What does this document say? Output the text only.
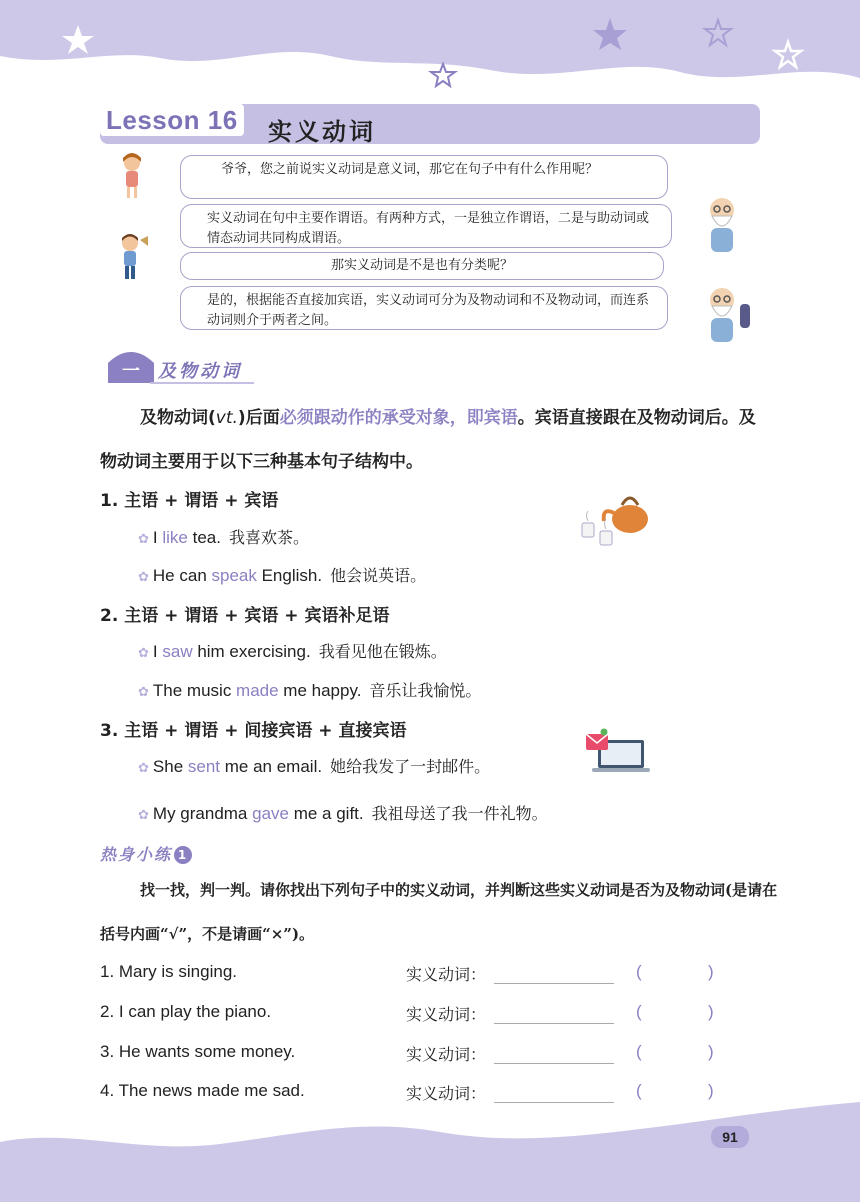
Lesson 16 实义动词
爷爷，您之前说实义动词是意义词，那它在句子中有什么作用呢？
实义动词在句中主要作谓语。有两种方式，一是独立作谓语，二是与助动词或情态动词共同构成谓语。
那实义动词是不是也有分类呢？
是的，根据能否直接加宾语，实义动词可分为及物动词和不及物动词，而连系动词则介于两者之间。
一 及物动词
及物动词(vt.)后面必须跟动作的承受对象，即宾语。宾语直接跟在及物动词后。及物动词主要用于以下三种基本句子结构中。
1. 主语 + 谓语 + 宾语
✿ I like tea. 我喜欢茶。
✿ He can speak English. 他会说英语。
2. 主语 + 谓语 + 宾语 + 宾语补足语
✿ I saw him exercising. 我看见他在锻炼。
✿ The music made me happy. 音乐让我愉悦。
3. 主语 + 谓语 + 间接宾语 + 直接宾语
✿ She sent me an email. 她给我发了一封邮件。
✿ My grandma gave me a gift. 我祖母送了我一件礼物。
热身小练 1
找一找，判一判。请你找出下列句子中的实义动词，并判断这些实义动词是否为及物动词(是请在括号内画“√”，不是请画“×”)。
1. Mary is singing.	实义动词：	(	)
2. I can play the piano.	实义动词：	(	)
3. He wants some money.	实义动词：	(	)
4. The news made me sad.	实义动词：	(	)
91
